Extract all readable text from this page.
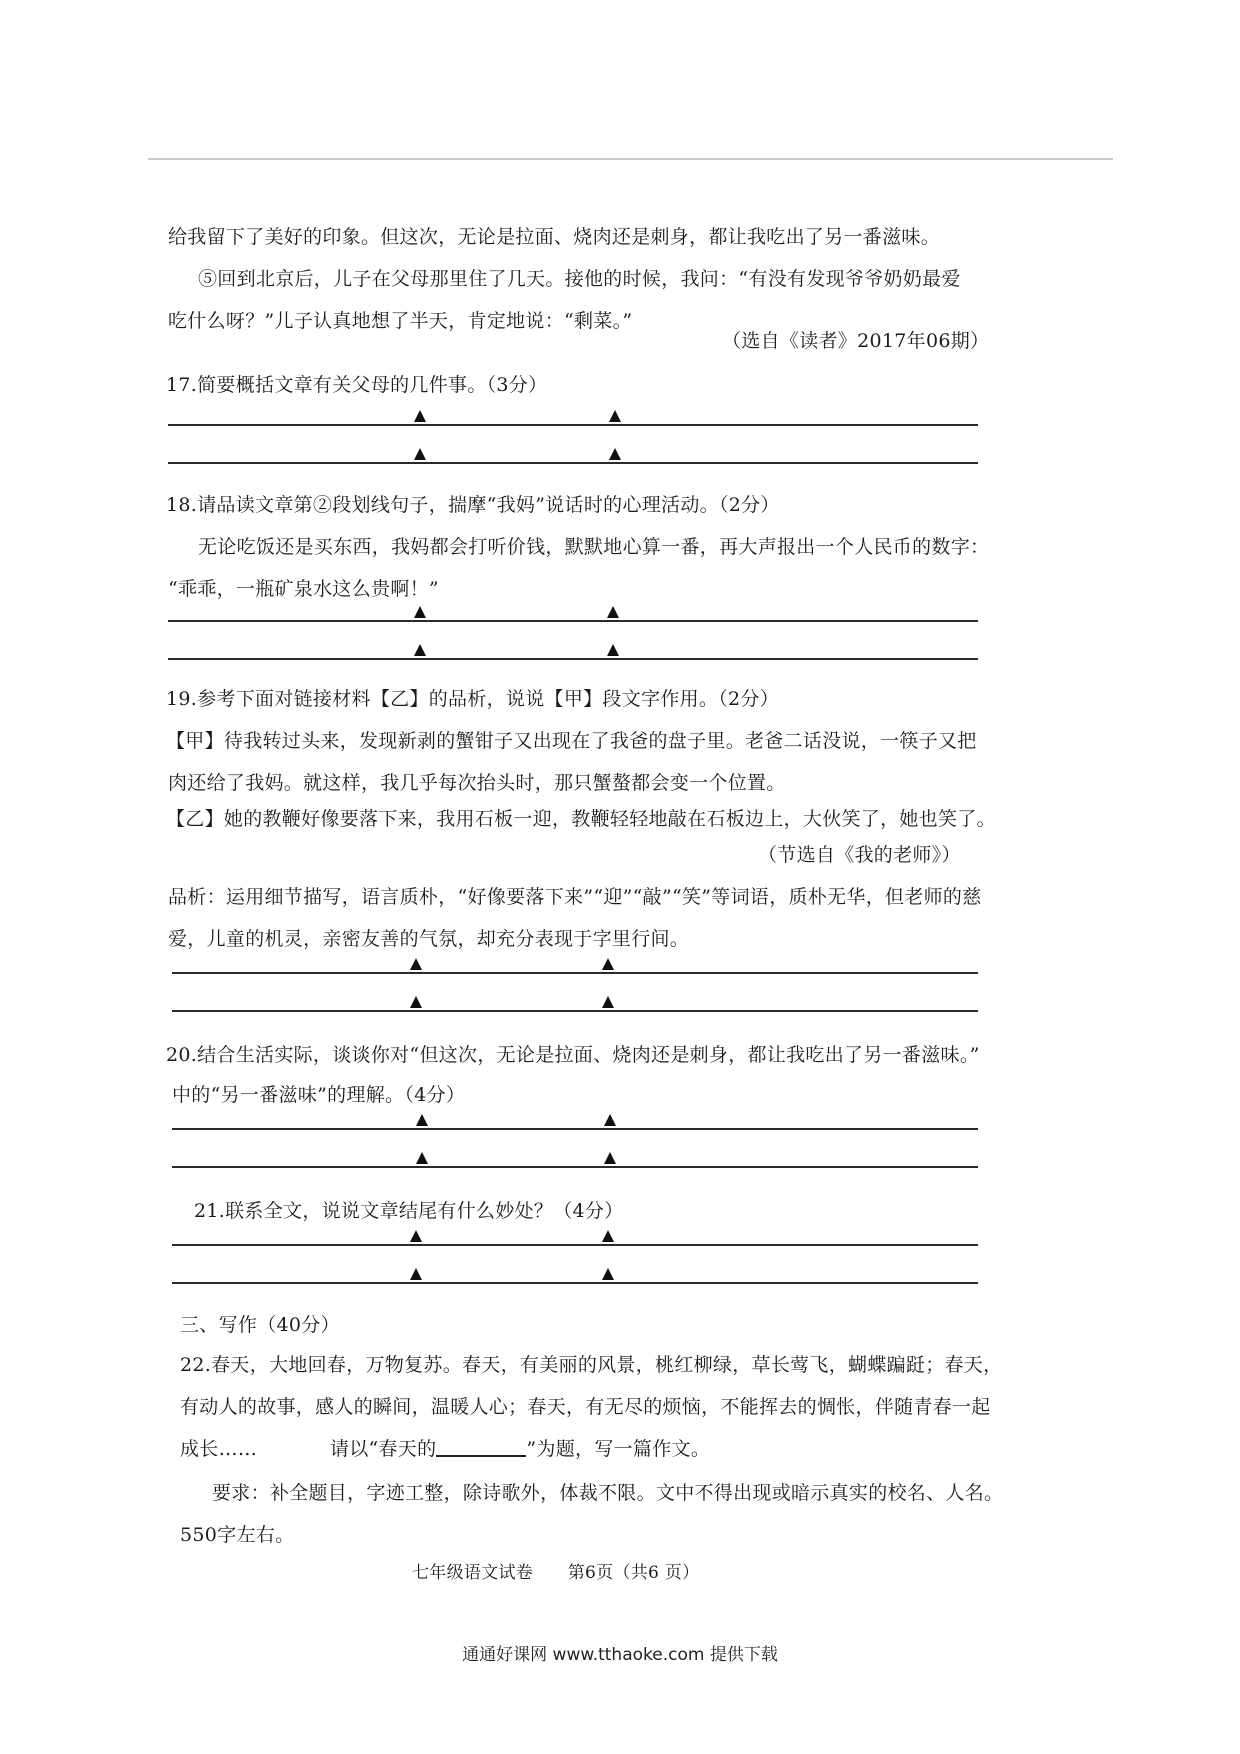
给我留下了美好的印象。但这次，无论是拉面、烧肉还是刺身，都让我吃出了另一番滋味。
⑤回到北京后，儿子在父母那里住了几天。接他的时候，我问：“有没有发现爷爷奶奶最爱
吃什么呀？”儿子认真地想了半天，肯定地说：“剩菜。”
（选自《读者》2017年06期）
17.简要概括文章有关父母的几件事。（3分）
18.请品读文章第②段划线句子，揣摩“我妈”说话时的心理活动。（2分）
无论吃饭还是买东西，我妈都会打听价钱，默默地心算一番，再大声报出一个人民币的数字：
“乖乖，一瓶矿泉水这么贵啊！”
19.参考下面对链接材料【乙】的品析，说说【甲】段文字作用。（2分）
【甲】待我转过头来，发现新剥的蟹钳子又出现在了我爸的盘子里。老爸二话没说，一筷子又把
肉还给了我妈。就这样，我几乎每次抬头时，那只蟹螯都会变一个位置。
【乙】她的教鞭好像要落下来，我用石板一迎，教鞭轻轻地敲在石板边上，大伙笑了，她也笑了。
（节选自《我的老师》）
品析：运用细节描写，语言质朴，“好像要落下来”“迎”“敲”“笑”等词语，质朴无华，但老师的慈
爱，儿童的机灵，亲密友善的气氛，却充分表现于字里行间。
20.结合生活实际，谈谈你对“但这次，无论是拉面、烧肉还是刺身，都让我吃出了另一番滋味。”
中的“另一番滋味”的理解。（4分）
21.联系全文，说说文章结尾有什么妙处？（4分）
三、写作（40分）
22.春天，大地回春，万物复苏。春天，有美丽的风景，桃红柳绿，草长莺飞，蝴蝶蹁跹；春天，
有动人的故事，感人的瞬间，温暖人心；春天，有无尽的烦恼，不能挥去的惆怅，伴随青春一起
成长……	请以“春天的	”为题，写一篇作文。
要求：补全题目，字迹工整，除诗歌外，体裁不限。文中不得出现或暗示真实的校名、人名。
550字左右。
七年级语文试卷　　第6页（共6 页）
通通好课网 www.tthaoke.com 提供下载
